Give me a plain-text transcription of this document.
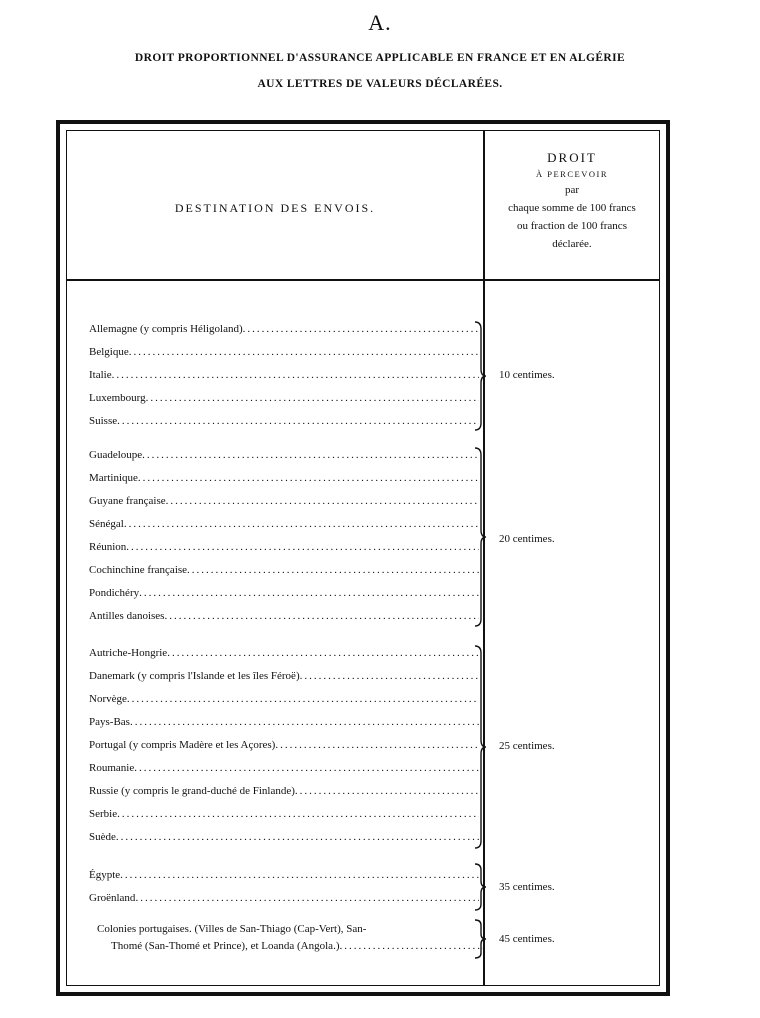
A.
DROIT PROPORTIONNEL D'ASSURANCE APPLICABLE EN FRANCE ET EN ALGÉRIE
AUX LETTRES DE VALEURS DÉCLARÉES.
DESTINATION DES ENVOIS.
DROIT
À PERCEVOIR
par
chaque somme de 100 francs
ou fraction de 100 francs
déclarée.
Allemagne (y compris Héligoland) .....
Belgique .....
Italie .....
Luxembourg .....
Suisse .....
10 centimes.
Guadeloupe .....
Martinique .....
Guyane française .....
Sénégal .....
Réunion .....
Cochinchine française .....
Pondichéry .....
Antilles danoises .....
20 centimes.
Autriche-Hongrie .....
Danemark (y compris l'Islande et les îles Féroë) .....
Norvège .....
Pays-Bas .....
Portugal (y compris Madère et les Açores) .....
Roumanie .....
Russie (y compris le grand-duché de Finlande) .....
Serbie .....
Suède .....
25 centimes.
Égypte .....
Groënland .....
35 centimes.
Colonies portugaises. (Villes de San-Thiago (Cap-Vert), San-
Thomé (San-Thomé et Prince), et Loanda (Angola.) .....
45 centimes.
